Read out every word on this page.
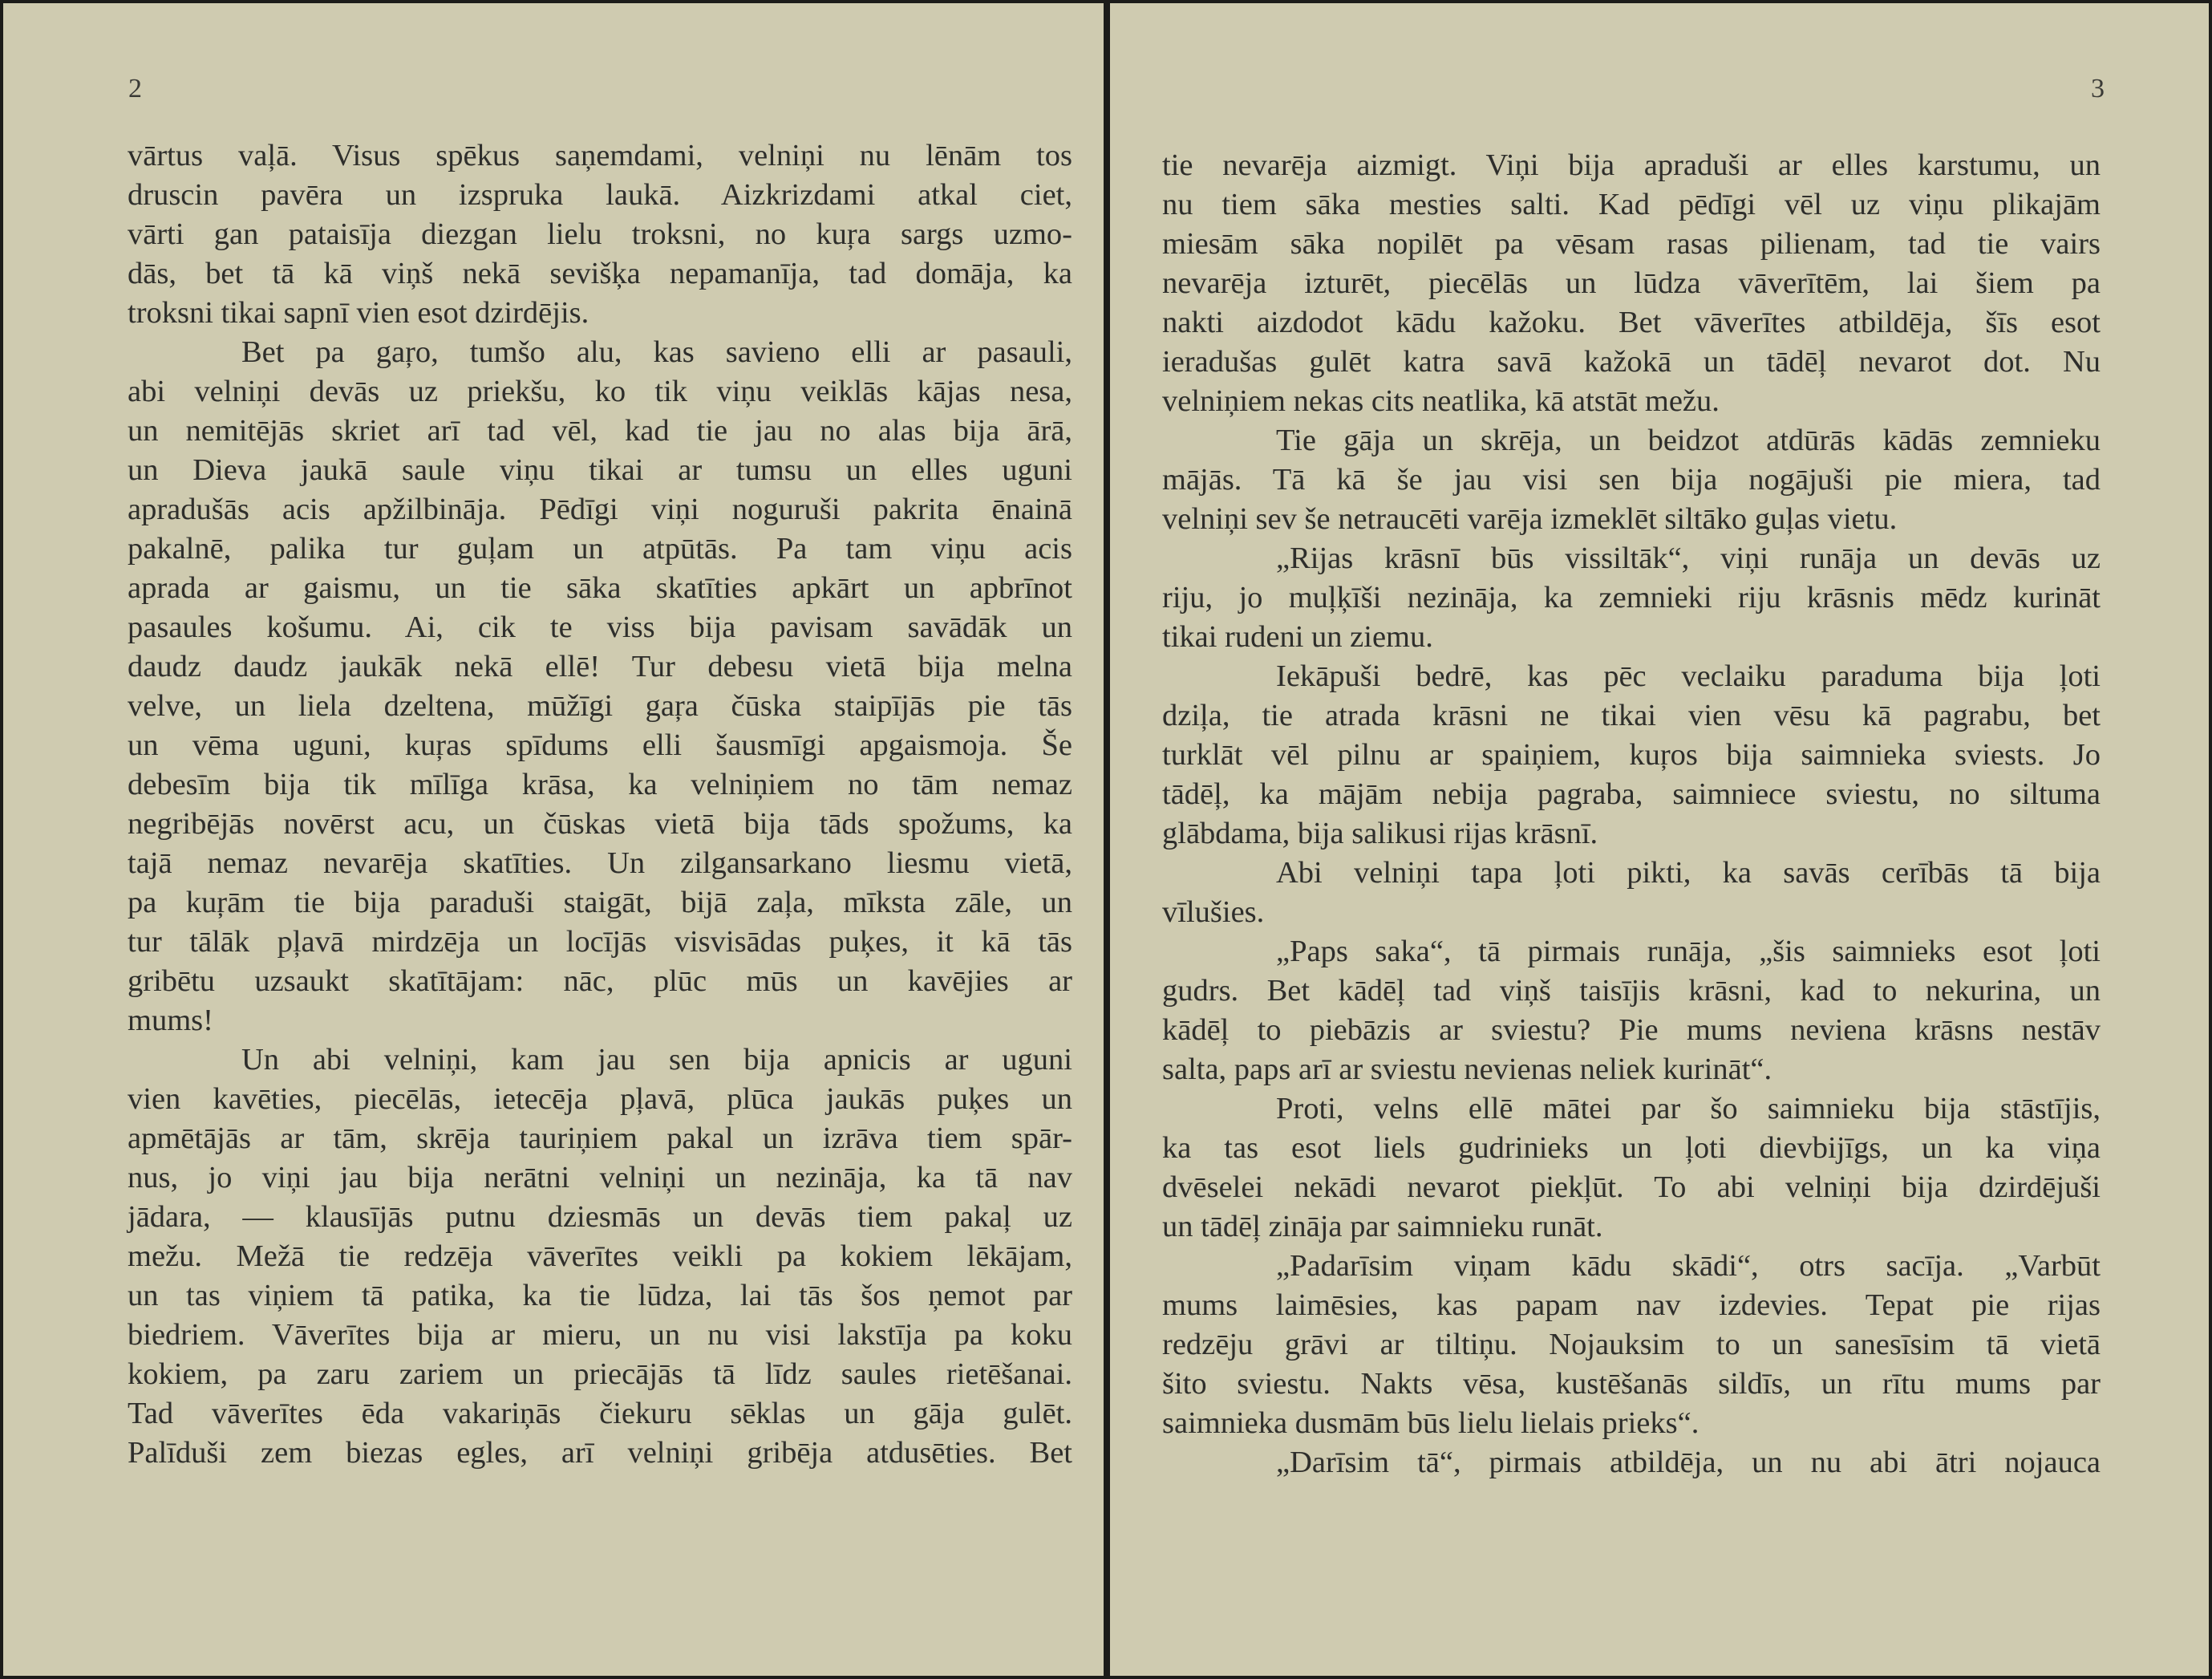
2
vārtus vaļā. Visus spēkus saņemdami, velniņi nu lēnām tos
druscin pavēra un izspruka laukā. Aizkrizdami atkal ciet,
vārti gan pataisīja diezgan lielu troksni, no kuŗa sargs uzmo-
dās, bet tā kā viņš nekā sevišķa nepamanīja, tad domāja, ka
troksni tikai sapnī vien esot dzirdējis.
Bet pa gaŗo, tumšo alu, kas savieno elli ar pasauli,
abi velniņi devās uz priekšu, ko tik viņu veiklās kājas nesa,
un nemitējās skriet arī tad vēl, kad tie jau no alas bija ārā,
un Dieva jaukā saule viņu tikai ar tumsu un elles uguni
apradušās acis apžilbināja. Pēdīgi viņi noguruši pakrita ēnainā
pakalnē, palika tur guļam un atpūtās. Pa tam viņu acis
aprada ar gaismu, un tie sāka skatīties apkārt un apbrīnot
pasaules košumu. Ai, cik te viss bija pavisam savādāk un
daudz daudz jaukāk nekā ellē! Tur debesu vietā bija melna
velve, un liela dzeltena, mūžīgi gaŗa čūska staipījās pie tās
un vēma uguni, kuŗas spīdums elli šausmīgi apgaismoja. Še
debesīm bija tik mīlīga krāsa, ka velniņiem no tām nemaz
negribējās novērst acu, un čūskas vietā bija tāds spožums, ka
tajā nemaz nevarēja skatīties. Un zilgansarkano liesmu vietā,
pa kuŗām tie bija paraduši staigāt, bijā zaļa, mīksta zāle, un
tur tālāk pļavā mirdzēja un locījās visvisādas puķes, it kā tās
gribētu uzsaukt skatītājam: nāc, plūc mūs un kavējies ar
mums!
Un abi velniņi, kam jau sen bija apnicis ar uguni
vien kavēties, piecēlās, ietecēja pļavā, plūca jaukās puķes un
apmētājās ar tām, skrēja tauriņiem pakal un izrāva tiem spār-
nus, jo viņi jau bija nerātni velniņi un nezināja, ka tā nav
jādara, — klausījās putnu dziesmās un devās tiem pakaļ uz
mežu. Mežā tie redzēja vāverītes veikli pa kokiem lēkājam,
un tas viņiem tā patika, ka tie lūdza, lai tās šos ņemot par
biedriem. Vāverītes bija ar mieru, un nu visi lakstīja pa koku
kokiem, pa zaru zariem un priecājās tā līdz saules rietēšanai.
Tad vāverītes ēda vakariņās čiekuru sēklas un gāja gulēt.
Palīduši zem biezas egles, arī velniņi gribēja atdusēties. Bet
3
tie nevarēja aizmigt. Viņi bija apraduši ar elles karstumu, un
nu tiem sāka mesties salti. Kad pēdīgi vēl uz viņu plikajām
miesām sāka nopilēt pa vēsam rasas pilienam, tad tie vairs
nevarēja izturēt, piecēlās un lūdza vāverītēm, lai šiem pa
nakti aizdodot kādu kažoku. Bet vāverītes atbildēja, šīs esot
ieradušas gulēt katra savā kažokā un tādēļ nevarot dot. Nu
velniņiem nekas cits neatlika, kā atstāt mežu.
Tie gāja un skrēja, un beidzot atdūrās kādās zemnieku
mājās. Tā kā še jau visi sen bija nogājuši pie miera, tad
velniņi sev še netraucēti varēja izmeklēt siltāko guļas vietu.
„Rijas krāsnī būs vissiltāk“, viņi runāja un devās uz
riju, jo muļķīši nezināja, ka zemnieki riju krāsnis mēdz kurināt
tikai rudeni un ziemu.
Iekāpuši bedrē, kas pēc veclaiku paraduma bija ļoti
dziļa, tie atrada krāsni ne tikai vien vēsu kā pagrabu, bet
turklāt vēl pilnu ar spaiņiem, kuŗos bija saimnieka sviests. Jo
tādēļ, ka mājām nebija pagraba, saimniece sviestu, no siltuma
glābdama, bija salikusi rijas krāsnī.
Abi velniņi tapa ļoti pikti, ka savās cerībās tā bija
vīlušies.
„Paps saka“, tā pirmais runāja, „šis saimnieks esot ļoti
gudrs. Bet kādēļ tad viņš taisījis krāsni, kad to nekurina, un
kādēļ to piebāzis ar sviestu? Pie mums neviena krāsns nestāv
salta, paps arī ar sviestu nevienas neliek kurināt“.
Proti, velns ellē mātei par šo saimnieku bija stāstījis,
ka tas esot liels gudrinieks un ļoti dievbijīgs, un ka viņa
dvēselei nekādi nevarot piekļūt. To abi velniņi bija dzirdējuši
un tādēļ zināja par saimnieku runāt.
„Padarīsim viņam kādu skādi“, otrs sacīja. „Varbūt
mums laimēsies, kas papam nav izdevies. Tepat pie rijas
redzēju grāvi ar tiltiņu. Nojauksim to un sanesīsim tā vietā
šito sviestu. Nakts vēsa, kustēšanās sildīs, un rītu mums par
saimnieka dusmām būs lielu lielais prieks“.
„Darīsim tā“, pirmais atbildēja, un nu abi ātri nojauca
